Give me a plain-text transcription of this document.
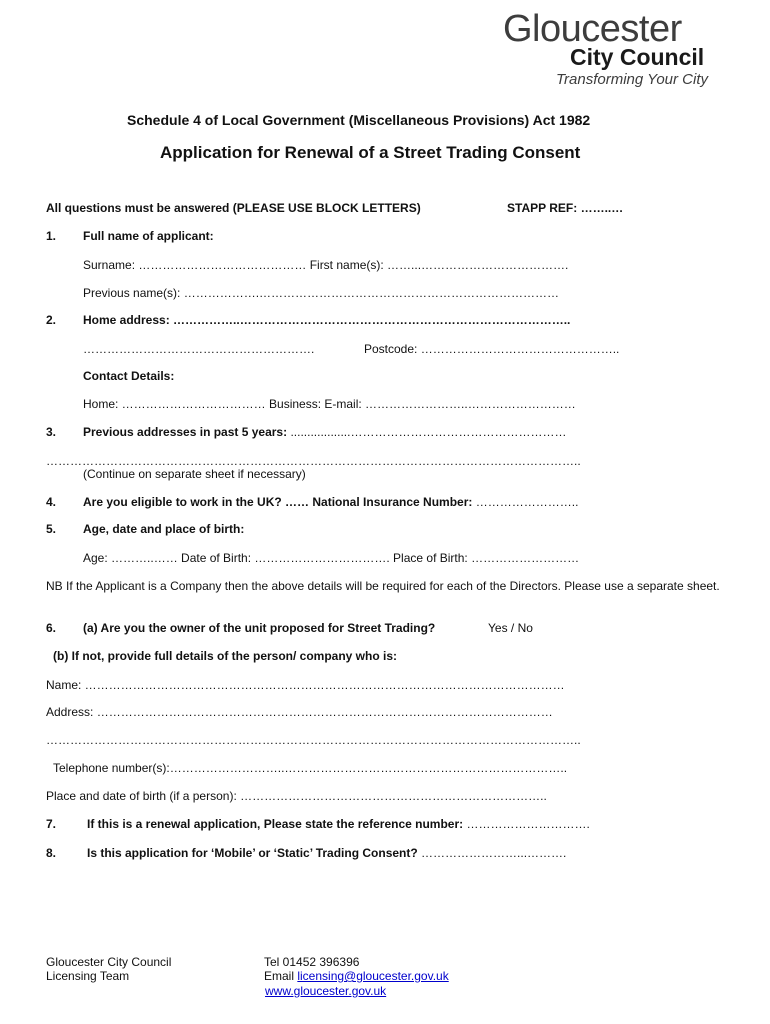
Gloucester
City Council
Transforming Your City
Schedule 4 of Local Government (Miscellaneous Provisions) Act 1982
Application for Renewal of a Street Trading Consent
All questions must be answered (PLEASE USE BLOCK LETTERS)	STAPP REF: ……..…
1. Full name of applicant:
Surname: …………………………………… First name(s): ……...……………………………….
Previous name(s): ……………….…………………………………………………………………
2. Home address: ……………..………………………………………………………………………..
………………………………………………….	Postcode: …………………………………………..
Contact Details:
Home: ……………………………… Business: E-mail: ……………………..………………………
3. Previous addresses in past 5 years: ..................………………………………………………
……………………………………………………………………………………………………………………..
(Continue on separate sheet if necessary)
4. Are you eligible to work in the UK? …… National Insurance Number: ……………………..
5. Age, date and place of birth:
Age: ………..…… Date of Birth: ……………………………. Place of Birth: ………………………
NB If the Applicant is a Company then the above details will be required for each of the Directors. Please use a separate sheet.
6. (a) Are you the owner of the unit proposed for Street Trading?	Yes / No
(b) If not, provide full details of the person/ company who is:
Name: …………………………………………………………………………………………………………
Address: ……………………………………………………………………………………………………
……………………………………………………………………………………………………………………..
Telephone number(s):………………………..……………………………………………………………..
Place and date of birth (if a person): …………………………………………………………………..
7.	If this is a renewal application, Please state the reference number: ………………………….
8.	Is this application for ‘Mobile’ or ‘Static’ Trading Consent? ……………………...……….
Gloucester City Council
Licensing Team
Tel 01452 396396
Email licensing@gloucester.gov.uk
www.gloucester.gov.uk
